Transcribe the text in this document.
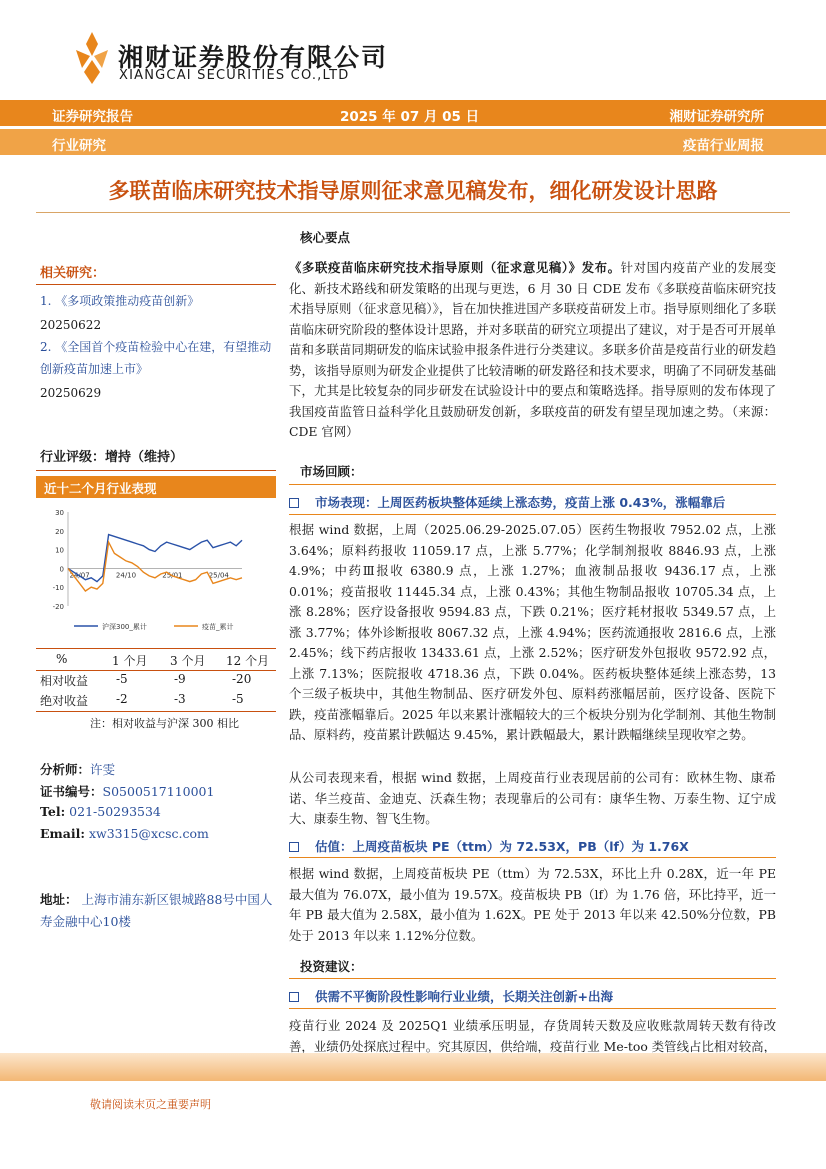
湘财证券股份有限公司
XIANGCAI SECURITIES CO.,LTD
证券研究报告	2025 年 07 月 05 日	湘财证券研究所
行业研究	疫苗行业周报
多联苗临床研究技术指导原则征求意见稿发布，细化研发设计思路
相关研究：
1. 《多项政策推动疫苗创新》
20250622
2. 《全国首个疫苗检验中心在建，有望推动创新疫苗加速上市》
20250629
行业评级：增持（维持）
近十二个月行业表现
30
20
10
0
-10
-20
24/07	24/10	25/01	25/04
沪深300_累计	疫苗_累计
%	1 个月 3 个月 12 个月
相对收益 -5	-9	-20
绝对收益 -2	-3	-5
注：相对收益与沪深 300 相比
分析师：许雯
证书编号：S0500517110001
Tel: 021-50293534
Email: xw3315@xcsc.com
地址： 上海市浦东新区银城路88号中国人寿金融中心10楼
核心要点
《多联疫苗临床研究技术指导原则（征求意见稿）》发布。针对国内疫苗产业的发展变化、新技术路线和研发策略的出现与更迭，6 月 30 日 CDE 发布《多联疫苗临床研究技术指导原则（征求意见稿）》，旨在加快推进国产多联疫苗研发上市。指导原则细化了多联苗临床研究阶段的整体设计思路，并对多联苗的研究立项提出了建议，对于是否可开展单苗和多联苗同期研发的临床试验申报条件进行分类建议。多联多价苗是疫苗行业的研发趋势，该指导原则为研发企业提供了比较清晰的研发路径和技术要求，明确了不同研发基础下，尤其是比较复杂的同步研发在试验设计中的要点和策略选择。指导原则的发布体现了我国疫苗监管日益科学化且鼓励研发创新，多联疫苗的研发有望呈现加速之势。（来源：CDE 官网）
市场回顾：
市场表现：上周医药板块整体延续上涨态势，疫苗上涨 0.43%，涨幅靠后
根据 wind 数据，上周（2025.06.29-2025.07.05）医药生物报收 7952.02 点，上涨 3.64%；原料药报收 11059.17 点，上涨 5.77%；化学制剂报收 8846.93 点，上涨 4.9%；中药Ⅲ报收 6380.9 点，上涨 1.27%；血液制品报收 9436.17 点，上涨 0.01%；疫苗报收 11445.34 点，上涨 0.43%；其他生物制品报收 10705.34 点，上涨 8.28%；医疗设备报收 9594.83 点，下跌 0.21%；医疗耗材报收 5349.57 点，上涨 3.77%；体外诊断报收 8067.32 点，上涨 4.94%；医药流通报收 2816.6 点，上涨 2.45%；线下药店报收 13433.61 点，上涨 2.52%；医疗研发外包报收 9572.92 点，上涨 7.13%；医院报收 4718.36 点，下跌 0.04%。医药板块整体延续上涨态势，13 个三级子板块中，其他生物制品、医疗研发外包、原料药涨幅居前，医疗设备、医院下跌，疫苗涨幅靠后。2025 年以来累计涨幅较大的三个板块分别为化学制剂、其他生物制品、原料药，疫苗累计跌幅达 9.45%，累计跌幅最大，累计跌幅继续呈现收窄之势。
从公司表现来看，根据 wind 数据，上周疫苗行业表现居前的公司有：欧林生物、康希诺、华兰疫苗、金迪克、沃森生物；表现靠后的公司有：康华生物、万泰生物、辽宁成大、康泰生物、智飞生物。
估值：上周疫苗板块 PE（ttm）为 72.53X，PB（lf）为 1.76X
根据 wind 数据，上周疫苗板块 PE（ttm）为 72.53X，环比上升 0.28X，近一年 PE 最大值为 76.07X，最小值为 19.57X。疫苗板块 PB（lf）为 1.76 倍，环比持平，近一年 PB 最大值为 2.58X，最小值为 1.62X。PE 处于 2013 年以来 42.50%分位数，PB 处于 2013 年以来 1.12%分位数。
投资建议：
供需不平衡阶段性影响行业业绩，长期关注创新+出海
疫苗行业 2024 及 2025Q1 业绩承压明显，存货周转天数及应收账款周转天数有待改善，业绩仍处探底过程中。究其原因，供给端，疫苗行业 Me-too 类管线占比相对较高，
敬请阅读末页之重要声明
